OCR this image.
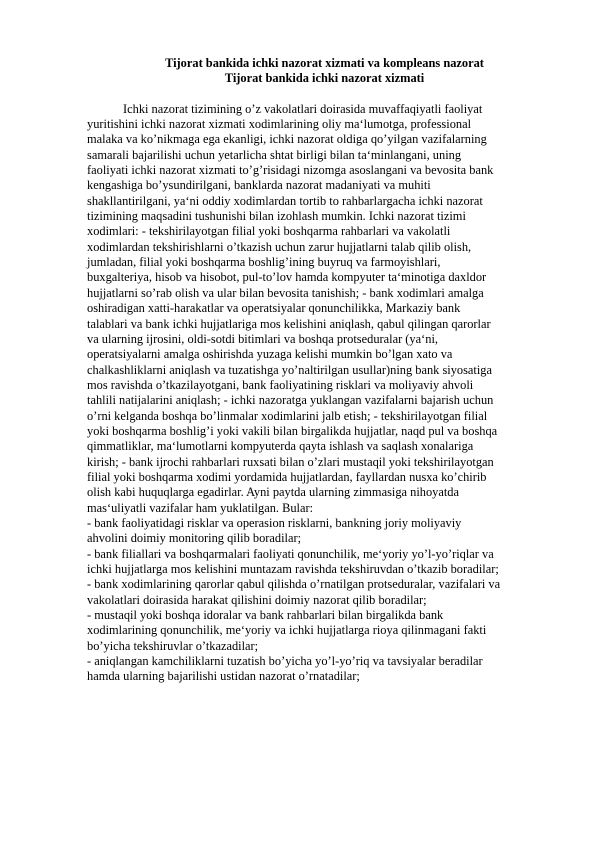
Tijorat bankida ichki nazorat xizmati va kompleans nazorat
Tijorat bankida ichki nazorat xizmati

Ichki nazorat tizimining o’z vakolatlari doirasida muvaffaqiyatli faoliyat
yuritishini ichki nazorat xizmati xodimlarining oliy ma‘lumotga, professional
malaka va ko’nikmaga ega ekanligi, ichki nazorat oldiga qo’yilgan vazifalarning
samarali bajarilishi uchun yetarlicha shtat birligi bilan ta‘minlangani, uning
faoliyati ichki nazorat xizmati to’g’risidagi nizomga asoslangani va bevosita bank
kengashiga bo’ysundirilgani, banklarda nazorat madaniyati va muhiti
shakllantirilgani, ya‘ni oddiy xodimlardan tortib to rahbarlargacha ichki nazorat
tizimining maqsadini tushunishi bilan izohlash mumkin. Ichki nazorat tizimi
xodimlari: - tekshirilayotgan filial yoki boshqarma rahbarlari va vakolatli
xodimlardan tekshirishlarni o’tkazish uchun zarur hujjatlarni talab qilib olish,
jumladan, filial yoki boshqarma boshlig’ining buyruq va farmoyishlari,
buxgalteriya, hisob va hisobot, pul-to’lov hamda kompyuter ta‘minotiga daxldor
hujjatlarni so’rab olish va ular bilan bevosita tanishish; - bank xodimlari amalga
oshiradigan xatti-harakatlar va operatsiyalar qonunchilikka, Markaziy bank
talablari va bank ichki hujjatlariga mos kelishini aniqlash, qabul qilingan qarorlar
va ularning ijrosini, oldi-sotdi bitimlari va boshqa protseduralar (ya‘ni,
operatsiyalarni amalga oshirishda yuzaga kelishi mumkin bo’lgan xato va
chalkashliklarni aniqlash va tuzatishga yo’naltirilgan usullar)ning bank siyosatiga
mos ravishda o’tkazilayotgani, bank faoliyatining risklari va moliyaviy ahvoli
tahlili natijalarini aniqlash; - ichki nazoratga yuklangan vazifalarni bajarish uchun
o’rni kelganda boshqa bo’linmalar xodimlarini jalb etish; - tekshirilayotgan filial
yoki boshqarma boshlig’i yoki vakili bilan birgalikda hujjatlar, naqd pul va boshqa
qimmatliklar, ma‘lumotlarni kompyuterda qayta ishlash va saqlash xonalariga
kirish; - bank ijrochi rahbarlari ruxsati bilan o’zlari mustaqil yoki tekshirilayotgan
filial yoki boshqarma xodimi yordamida hujjatlardan, fayllardan nusxa ko’chirib
olish kabi huquqlarga egadirlar. Ayni paytda ularning zimmasiga nihoyatda
mas‘uliyatli vazifalar ham yuklatilgan. Bular:

- bank faoliyatidagi risklar va operasion risklarni, bankning joriy moliyaviy
ahvolini doimiy monitoring qilib boradilar;
- bank filiallari va boshqarmalari faoliyati qonunchilik, me‘yoriy yo’l-yo’riqlar va
ichki hujjatlarga mos kelishini muntazam ravishda tekshiruvdan o’tkazib boradilar;
- bank xodimlarining qarorlar qabul qilishda o’rnatilgan protseduralar, vazifalari va
vakolatlari doirasida harakat qilishini doimiy nazorat qilib boradilar;
- mustaqil yoki boshqa idoralar va bank rahbarlari bilan birgalikda bank
xodimlarining qonunchilik, me‘yoriy va ichki hujjatlarga rioya qilinmagani fakti
bo’yicha tekshiruvlar o’tkazadilar;
- aniqlangan kamchiliklarni tuzatish bo’yicha yo’l-yo’riq va tavsiyalar beradilar
hamda ularning bajarilishi ustidan nazorat o’rnatadilar;
